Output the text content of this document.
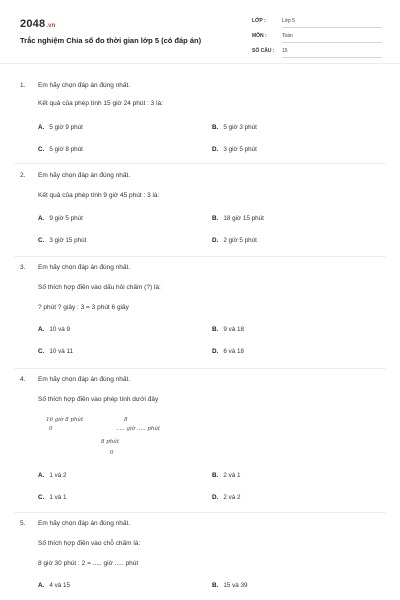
2048.vn
Trắc nghiệm Chia số đo thời gian lớp 5 (có đáp án)
LỚP :	Lớp 5
MÔN :	Toán
SỐ CÂU : 15
1. Em hãy chọn đáp án đúng nhất.
Kết quả của phép tính 15 giờ 24 phút : 3 là:
A. 5 giờ 9 phút	B. 5 giờ 3 phút
C. 5 giờ 8 phút	D. 3 giờ 5 phút
2. Em hãy chọn đáp án đúng nhất.
Kết quả của phép tính 9 giờ 45 phút : 3 là:
A. 9 giờ 5 phút	B. 18 giờ 15 phút
C. 3 giờ 15 phút	D. 2 giờ 5 phút
3. Em hãy chọn đáp án đúng nhất.
Số thích hợp điền vào dấu hỏi chấm (?) là:
? phút ? giây : 3 = 3 phút 6 giây
A. 10 và 9	B. 9 và 18
C. 10 và 11	D. 6 và 18
4. Em hãy chọn đáp án đúng nhất.
Số thích hợp điền vào phép tính dưới đây
16 giờ 8 phút	8
0	..... giờ ..... phút
8 phút
0
A. 1 và 2	B. 2 và 1
C. 1 và 1	D. 2 và 2
5. Em hãy chọn đáp án đúng nhất.
Số thích hợp điền vào chỗ chấm là:
8 giờ 30 phút : 2 = ..... giờ ..... phút
A. 4 và 15	B. 15 và 39
